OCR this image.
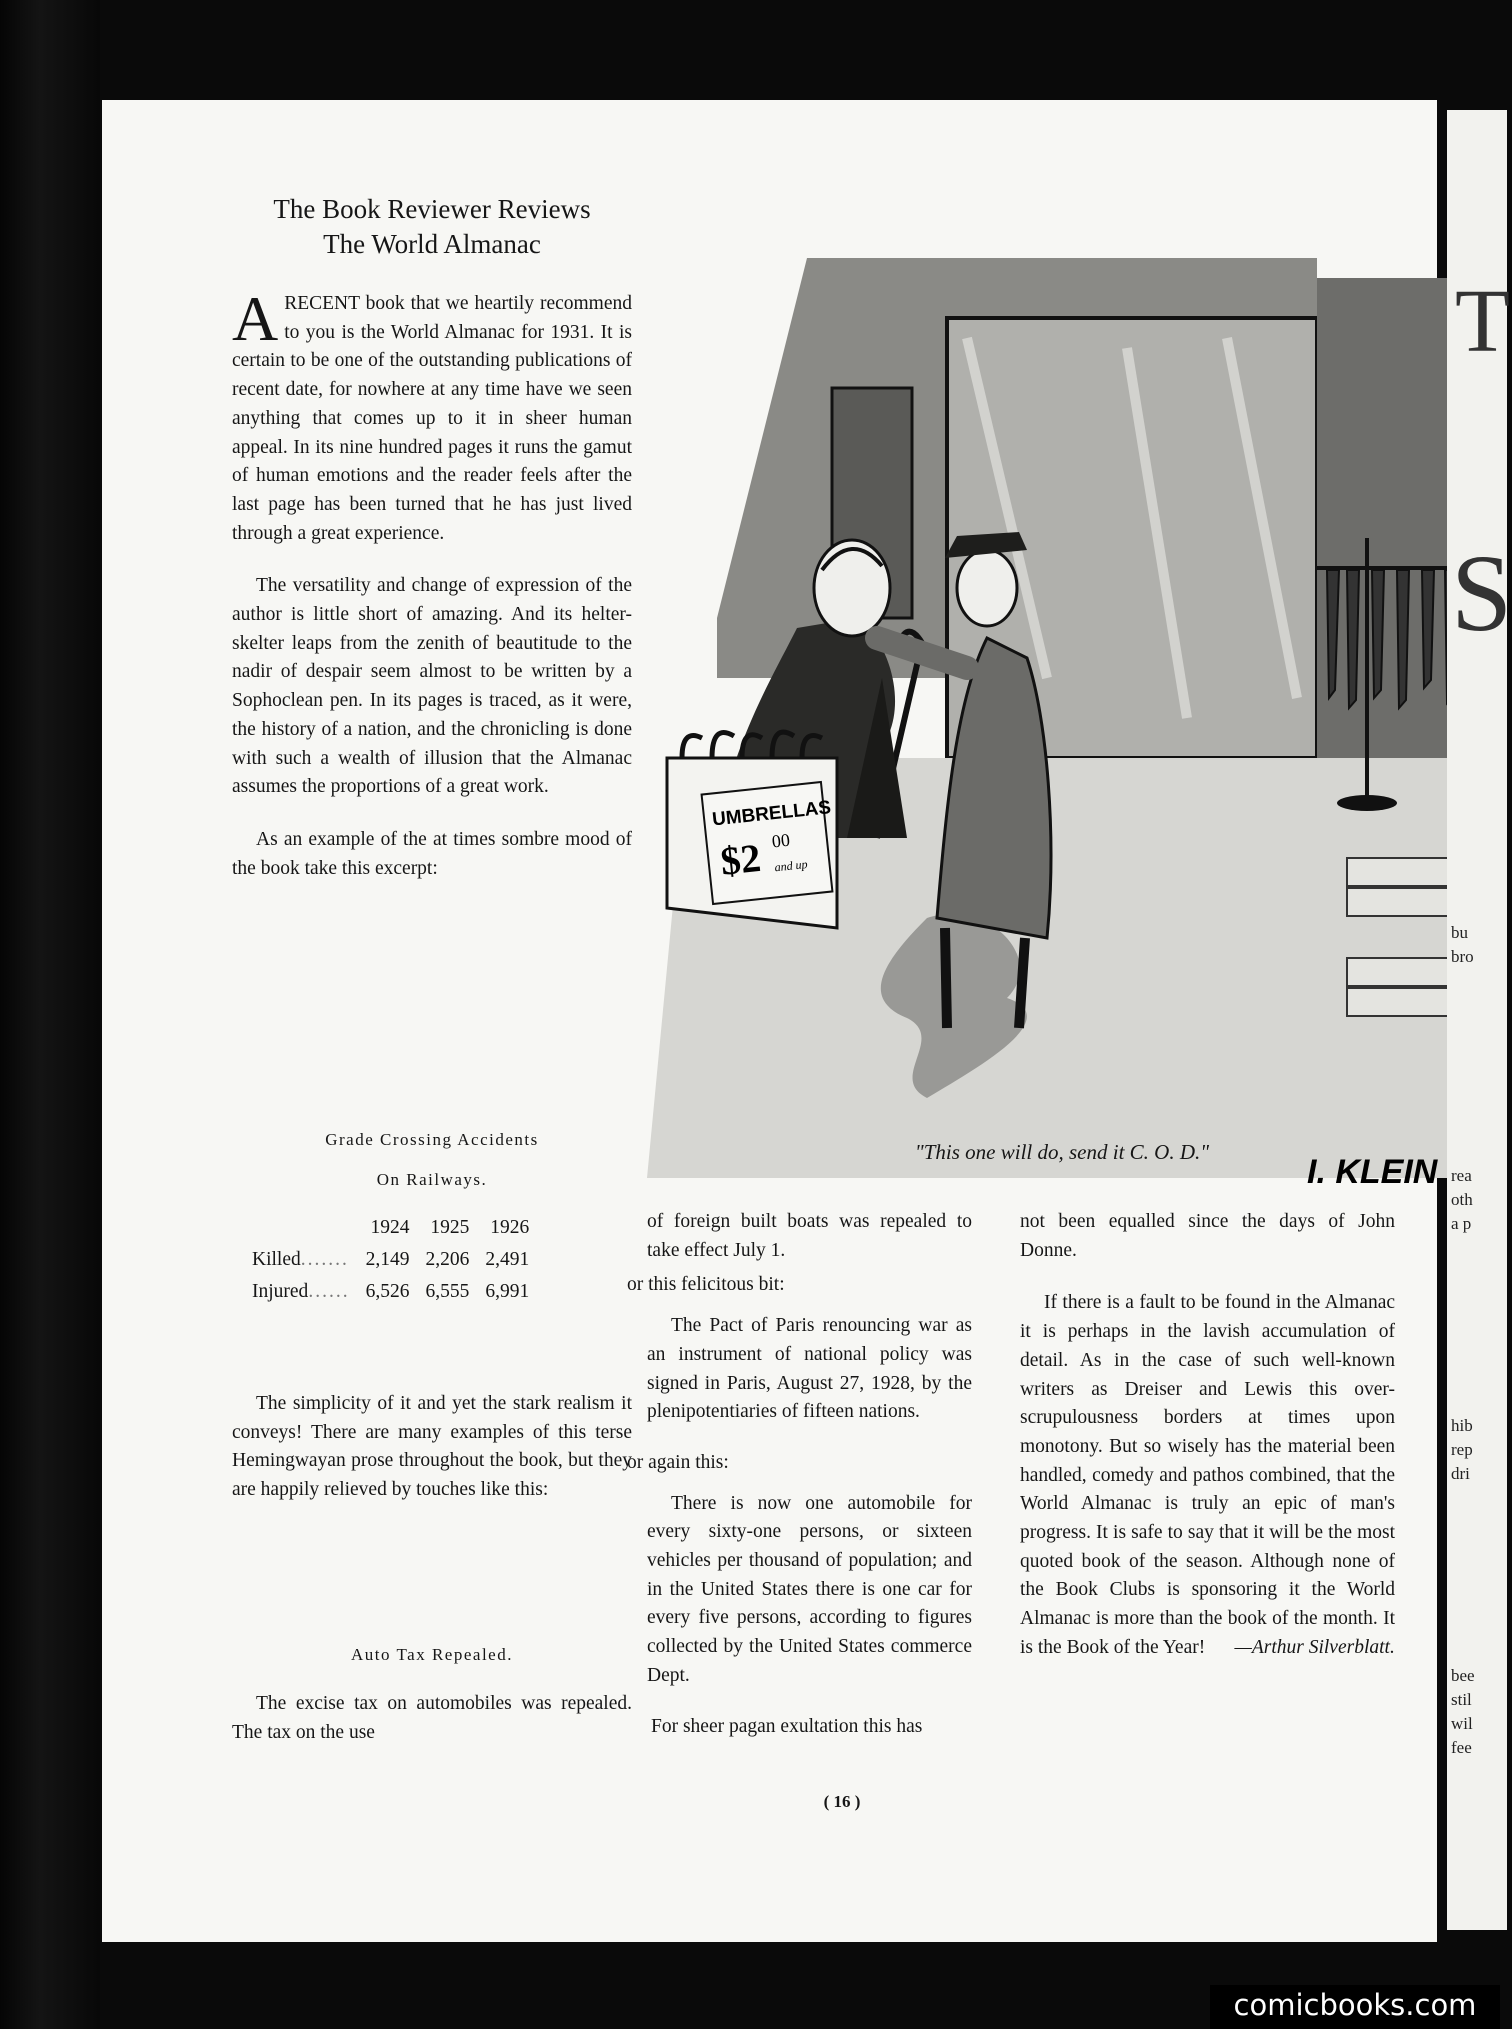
The Book Reviewer Reviews
The World Almanac

ARECENT book that we heartily recommend to you is the World Almanac for 1931. It is certain to be one of the outstanding publications of recent date, for nowhere at any time have we seen anything that comes up to it in sheer human appeal. In its nine hundred pages it runs the gamut of human emotions and the reader feels after the last page has been turned that he has just lived through a great experience.

The versatility and change of expression of the author is little short of amazing. And its helter-skelter leaps from the zenith of beautitude to the nadir of despair seem almost to be written by a Sophoclean pen. In its pages is traced, as it were, the history of a nation, and the chronicling is done with such a wealth of illusion that the Almanac assumes the proportions of a great work.

As an example of the at times sombre mood of the book take this excerpt:

Grade Crossing Accidents
On Railways.
	1924	1925	1926
Killed.......	2,149	2,206	2,491
Injured......	6,526	6,555	6,991

The simplicity of it and yet the stark realism it conveys! There are many examples of this terse Hemingwayan prose throughout the book, but they are happily relieved by touches like this:

Auto Tax Repealed.

The excise tax on automobiles was repealed. The tax on the use

of foreign built boats was repealed to take effect July 1.

or this felicitous bit:

The Pact of Paris renouncing war as an instrument of national policy was signed in Paris, August 27, 1928, by the plenipotentiaries of fifteen nations.

or again this:

There is now one automobile for every sixty-one persons, or sixteen vehicles per thousand of population; and in the United States there is one car for every five persons, according to figures collected by the United States commerce Dept.

For sheer pagan exultation this has

not been equalled since the days of John Donne.

If there is a fault to be found in the Almanac it is perhaps in the lavish accumulation of detail. As in the case of such well-known writers as Dreiser and Lewis this over-scrupulousness borders at times upon monotony. But so wisely has the material been handled, comedy and pathos combined, that the World Almanac is truly an epic of man's progress. It is safe to say that it will be the most quoted book of the season. Although none of the Book Clubs is sponsoring it the World Almanac is more than the book of the month. It is the Book of the Year! —Arthur Silverblatt.

UMBRELLAS
$2 00
and up
I. KLEIN
"This one will do, send it C. O. D."
( 16 )
T
S
bu
bro
rea
oth
a p
hib
rep
dri
bee
stil
wil
fee
comicbooks.com
